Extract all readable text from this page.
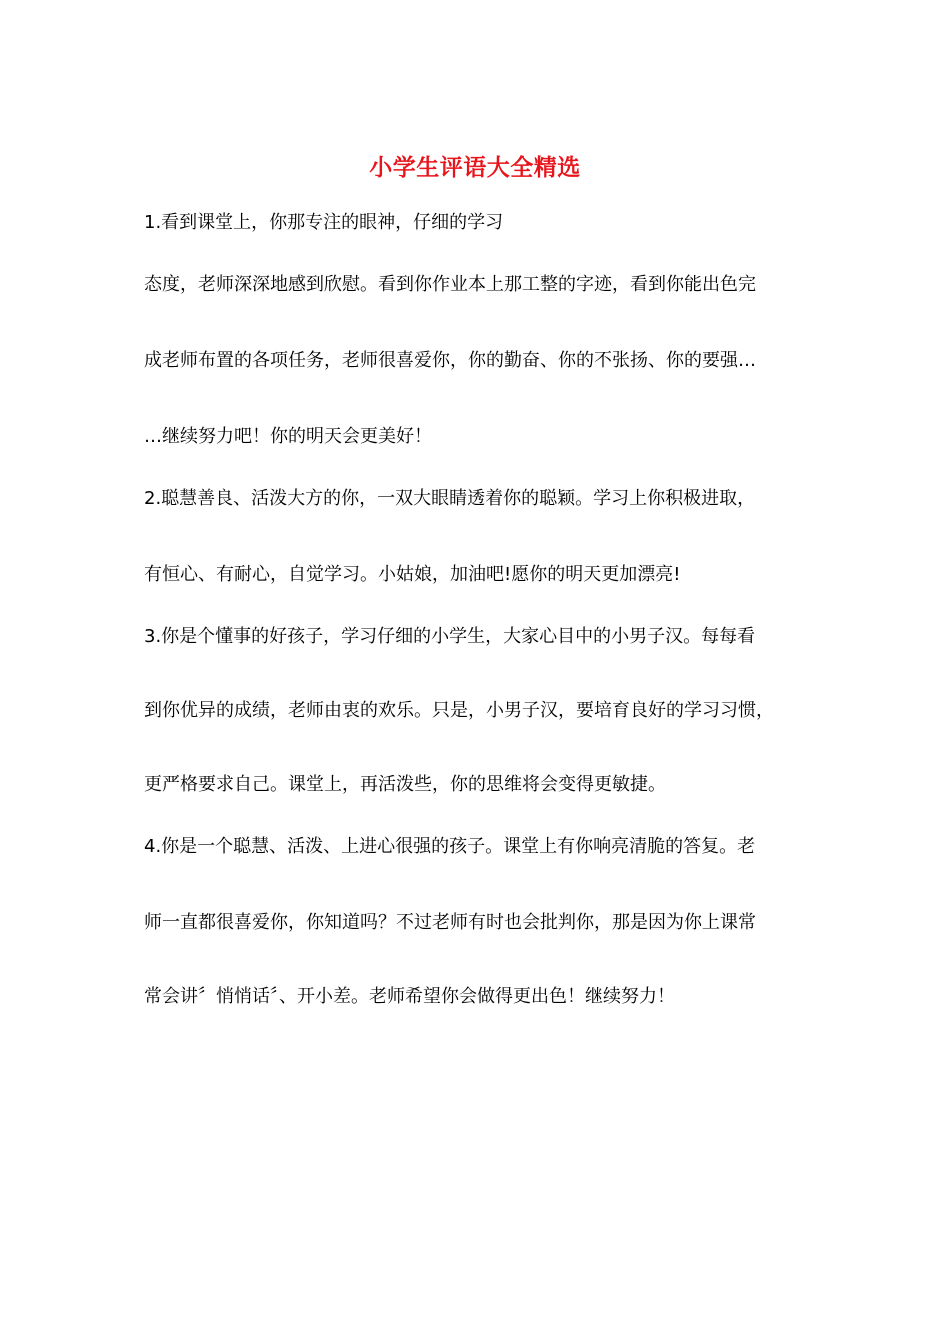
小学生评语大全精选
1.看到课堂上，你那专注的眼神，仔细的学习
态度，老师深深地感到欣慰。看到你作业本上那工整的字迹，看到你能出色完
成老师布置的各项任务，老师很喜爱你，你的勤奋、你的不张扬、你的要强…
…继续努力吧！你的明天会更美好！
2.聪慧善良、活泼大方的你，一双大眼睛透着你的聪颖。学习上你积极进取，
有恒心、有耐心，自觉学习。小姑娘，加油吧!愿你的明天更加漂亮!
3.你是个懂事的好孩子，学习仔细的小学生，大家心目中的小男子汉。每每看
到你优异的成绩，老师由衷的欢乐。只是，小男子汉，要培育良好的学习习惯，
更严格要求自己。课堂上，再活泼些，你的思维将会变得更敏捷。
4.你是一个聪慧、活泼、上进心很强的孩子。课堂上有你响亮清脆的答复。老
师一直都很喜爱你，你知道吗？不过老师有时也会批判你，那是因为你上课常
常会讲〞悄悄话〞、开小差。老师希望你会做得更出色！继续努力！
